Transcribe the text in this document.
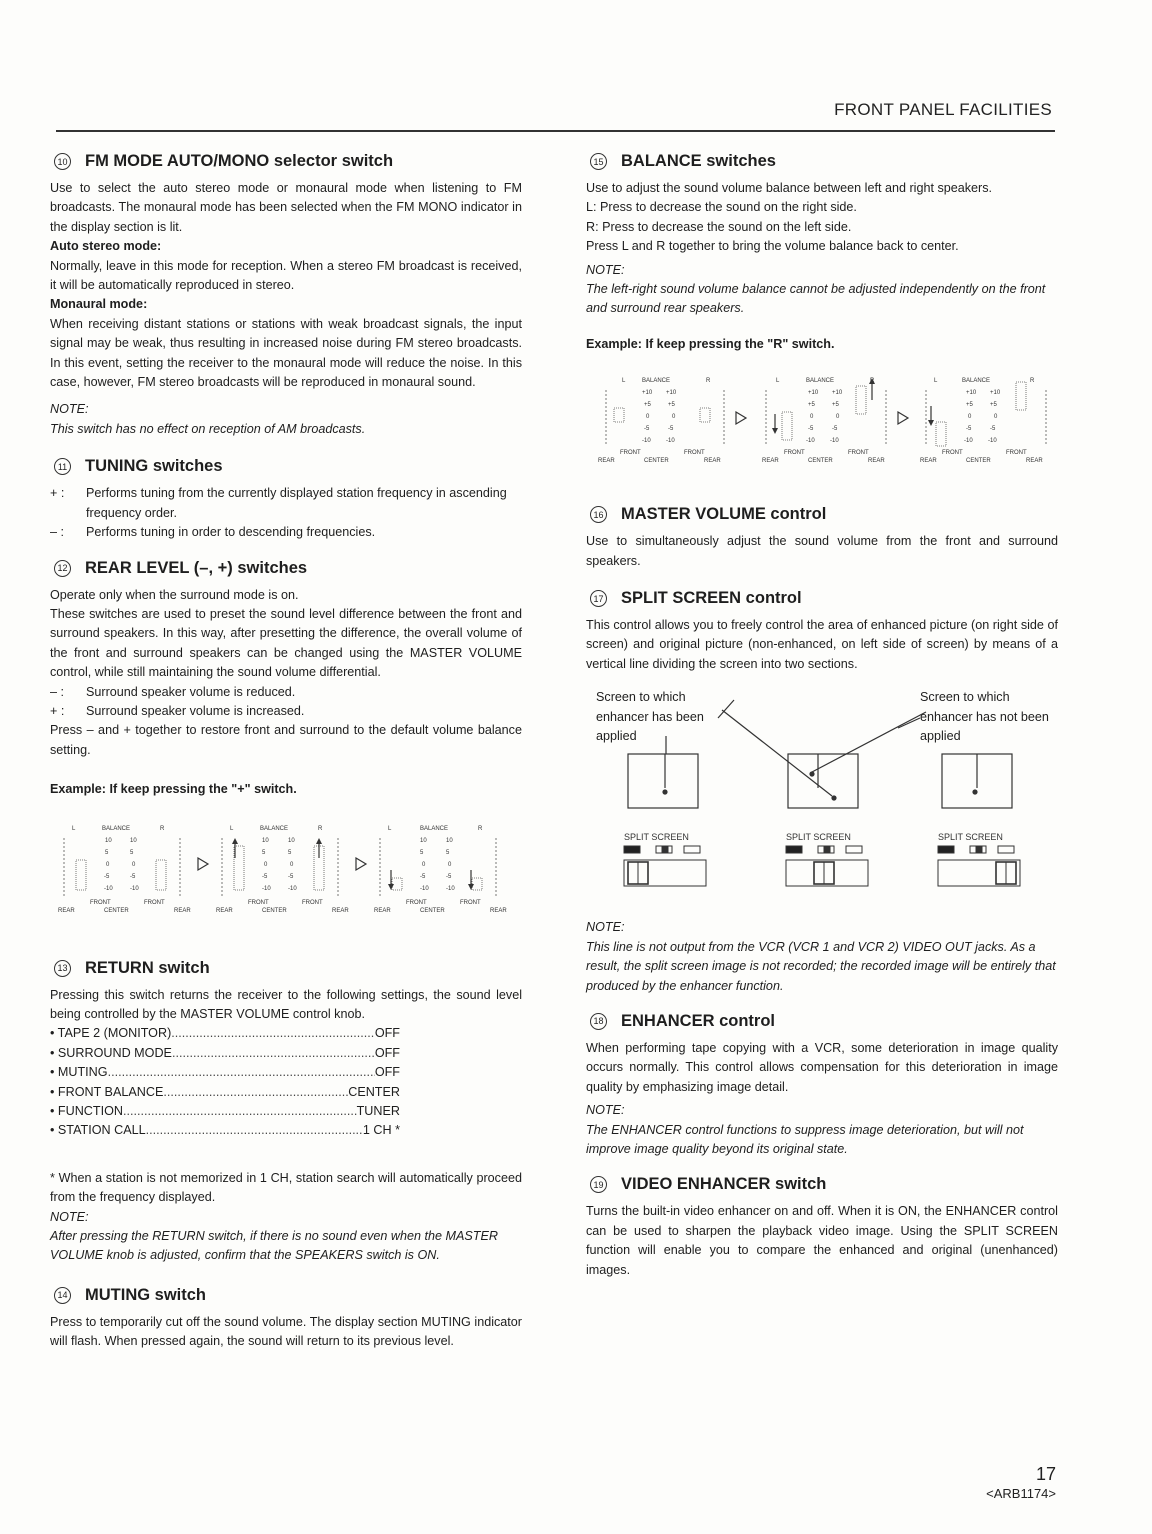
FRONT PANEL FACILITIES
10 FM MODE AUTO/MONO selector switch

Use to select the auto stereo mode or monaural mode when listening to FM broadcasts. The monaural mode has been selected when the FM MONO indicator in the display section is lit.

Auto stereo mode:

Normally, leave in this mode for reception. When a stereo FM broadcast is received, it will be automatically reproduced in stereo.

Monaural mode:

When receiving distant stations or stations with weak broadcast signals, the input signal may be weak, thus resulting in increased noise during FM stereo broadcasts. In this event, setting the receiver to the monaural mode will reduce the noise. In this case, however, FM stereo broadcasts will be reproduced in monaural sound.

NOTE:
This switch has no effect on reception of AM broadcasts.
11 TUNING switches
+ :	Performs tuning from the currently displayed station frequency in ascending frequency order.
– :	Performs tuning in order to descending frequencies.
12 REAR LEVEL (–, +) switches

Operate only when the surround mode is on.

These switches are used to preset the sound level difference between the front and surround speakers. In this way, after presetting the difference, the overall volume of the front and surround speakers can be changed using the MASTER VOLUME control, while still maintaining the sound volume differential.

– :	Surround speaker volume is reduced.
+ :	Surround speaker volume is increased.

Press – and + together to restore front and surround to the default volume balance setting.

Example: If keep pressing the "+" switch.
L	BALANCE	R
10	10
5	5
0	0
-5	-5
-10	-10
FRONT	FRONT
REAR	CENTER	REAR
L	BALANCE	R
10	10
5	5
0	0
-5	-5
-10	-10
FRONT	FRONT
REAR	CENTER	REAR
L	BALANCE	R
10	10
5	5
0	0
-5	-5
-10	-10
FRONT	FRONT
REAR	CENTER	REAR
13 RETURN switch

Pressing this switch returns the receiver to the following settings, the sound level being controlled by the MASTER VOLUME control knob.

• TAPE 2 (MONITOR) .....	OFF
• SURROUND MODE .....	OFF
• MUTING .....	OFF
• FRONT BALANCE .....	CENTER
• FUNCTION .....	TUNER
• STATION CALL .....	1 CH *

* When a station is not memorized in 1 CH, station search will automatically proceed from the frequency displayed.

NOTE:
After pressing the RETURN switch, if there is no sound even when the MASTER VOLUME knob is adjusted, confirm that the SPEAKERS switch is ON.
14 MUTING switch

Press to temporarily cut off the sound volume. The display section MUTING indicator will flash. When pressed again, the sound will return to its previous level.

15 BALANCE switches

Use to adjust the sound volume balance between left and right speakers.

L: Press to decrease the sound on the right side.

R: Press to decrease the sound on the left side.

Press L and R together to bring the volume balance back to center.

NOTE:
The left-right sound volume balance cannot be adjusted independently on the front and surround rear speakers.
Example: If keep pressing the "R" switch.
L	BALANCE	R
+10 +10
+5	+5
0	0
-5	-5
-10	-10
FRONT	FRONT
REAR	CENTER	REAR
L	BALANCE
+10 +10
+5	+5
0	0
-5	-5
-10	-10
FRONT	FRONT
REAR	CENTER	REAR
L	BALANCE	R
+10 +10
+5	+5
0	0
-5	-5
-10	-10
FRONT	FRONT
REAR	CENTER	REAR
16 MASTER VOLUME control

Use to simultaneously adjust the sound volume from the front and surround speakers.

17 SPLIT SCREEN control

This control allows you to freely control the area of enhanced picture (on right side of screen) and original picture (non-enhanced, on left side of screen) by means of a vertical line dividing the screen into two sections.

Screen to which enhancer has been applied
Screen to which enhancer has not been applied
SPLIT SCREEN	SPLIT SCREEN	SPLIT SCREEN
NOTE:
This line is not output from the VCR (VCR 1 and VCR 2) VIDEO OUT jacks. As a result, the split screen image is not recorded; the recorded image will be entirely that produced by the enhancer function.
18 ENHANCER control

When performing tape copying with a VCR, some deterioration in image quality occurs normally. This control allows compensation for this deterioration in image quality by emphasizing image detail.

NOTE:
The ENHANCER control functions to suppress image deterioration, but will not improve image quality beyond its original state.
19 VIDEO ENHANCER switch

Turns the built-in video enhancer on and off. When it is ON, the ENHANCER control can be used to sharpen the playback video image. Using the SPLIT SCREEN function will enable you to compare the enhanced and original (unenhanced) images.

17
<ARB1174>
